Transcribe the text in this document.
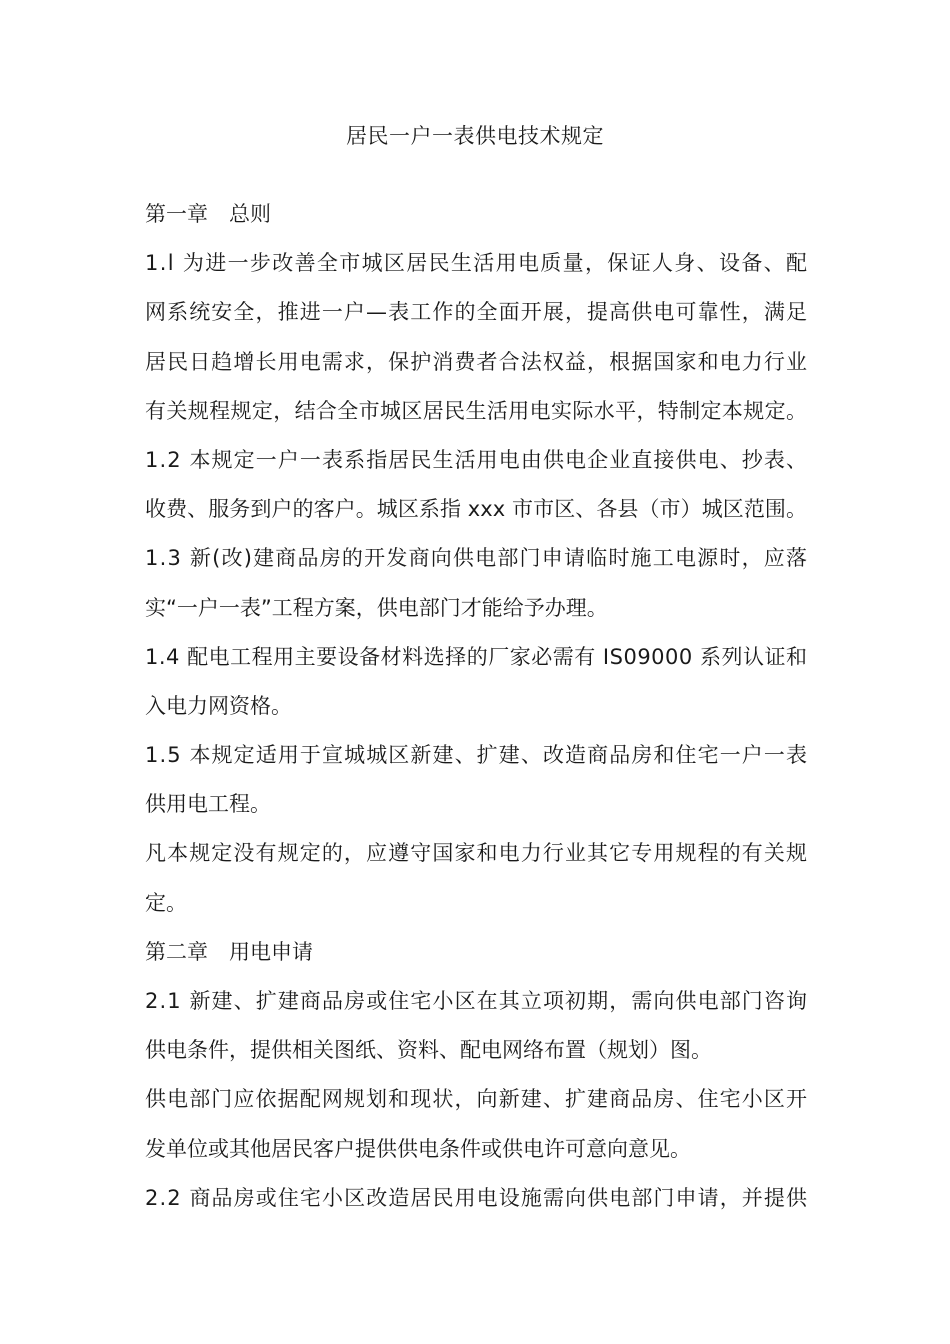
居民一户一表供电技术规定
第一章　总则
1.l 为进一步改善全市城区居民生活用电质量，保证人身、设备、配
网系统安全，推进一户—表工作的全面开展，提高供电可靠性，满足
居民日趋增长用电需求，保护消费者合法权益，根据国家和电力行业
有关规程规定，结合全市城区居民生活用电实际水平，特制定本规定。
1.2 本规定一户一表系指居民生活用电由供电企业直接供电、抄表、
收费、服务到户的客户。城区系指 xxx 市市区、各县（市）城区范围。
1.3 新(改)建商品房的开发商向供电部门申请临时施工电源时，应落
实“一户一表”工程方案，供电部门才能给予办理。
1.4 配电工程用主要设备材料选择的厂家必需有 IS09000 系列认证和
入电力网资格。
1.5 本规定适用于宣城城区新建、扩建、改造商品房和住宅一户一表
供用电工程。
凡本规定没有规定的，应遵守国家和电力行业其它专用规程的有关规
定。
第二章　用电申请
2.1 新建、扩建商品房或住宅小区在其立项初期，需向供电部门咨询
供电条件，提供相关图纸、资料、配电网络布置（规划）图。
供电部门应依据配网规划和现状，向新建、扩建商品房、住宅小区开
发单位或其他居民客户提供供电条件或供电许可意向意见。
2.2 商品房或住宅小区改造居民用电设施需向供电部门申请，并提供
